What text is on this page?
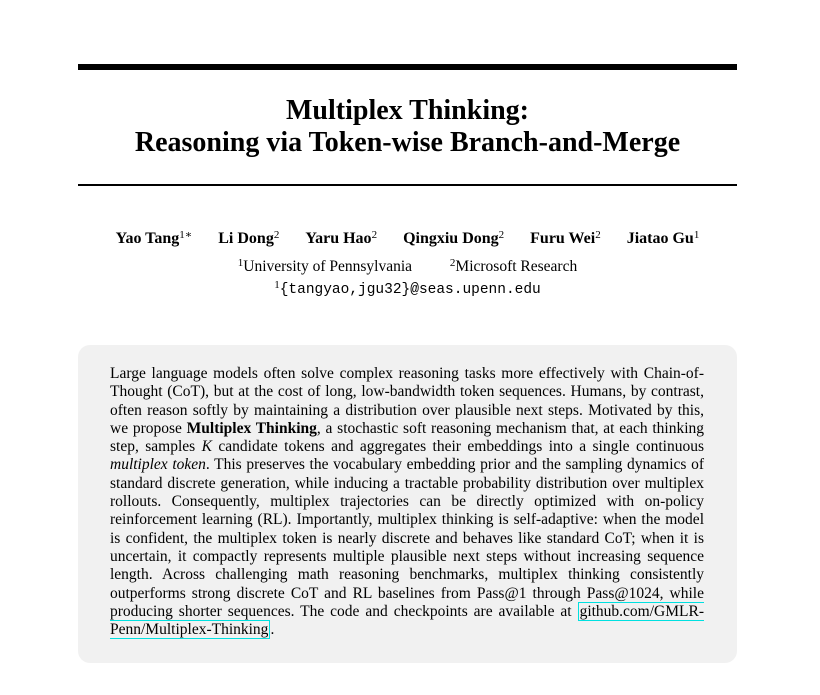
Multiplex Thinking:
Reasoning via Token-wise Branch-and-Merge
Yao Tang$^{1∗}$ Li Dong$^2$ Yaru Hao$^2$ Qingxiu Dong$^2$ Furu Wei$^2$ Jiatao Gu$^1$
$^1$University of Pennsylvania	$^2$Microsoft Research
$^1${tangyao,jgu32}@seas.upenn.edu
Large language models often solve complex reasoning tasks more effectively with Chain-of-Thought (CoT), but at the cost of long, low-bandwidth token sequences. Humans, by contrast, often reason softly by maintaining a distribution over plausible next steps. Motivated by this, we propose Multiplex Thinking, a stochastic soft reasoning mechanism that, at each thinking step, samples K candidate tokens and aggregates their embeddings into a single continuous multiplex token. This preserves the vocabulary embedding prior and the sampling dynamics of standard discrete generation, while inducing a tractable probability distribution over multiplex rollouts. Consequently, multiplex trajectories can be directly optimized with on-policy reinforcement learning (RL). Importantly, multiplex thinking is self-adaptive: when the model is confident, the multiplex token is nearly discrete and behaves like standard CoT; when it is uncertain, it compactly represents multiple plausible next steps without increasing sequence length. Across challenging math reasoning benchmarks, multiplex thinking consistently outperforms strong discrete CoT and RL baselines from Pass@1 through Pass@1024, while producing shorter sequences. The code and checkpoints are available at github.com/GMLR-Penn/Multiplex-Thinking .
